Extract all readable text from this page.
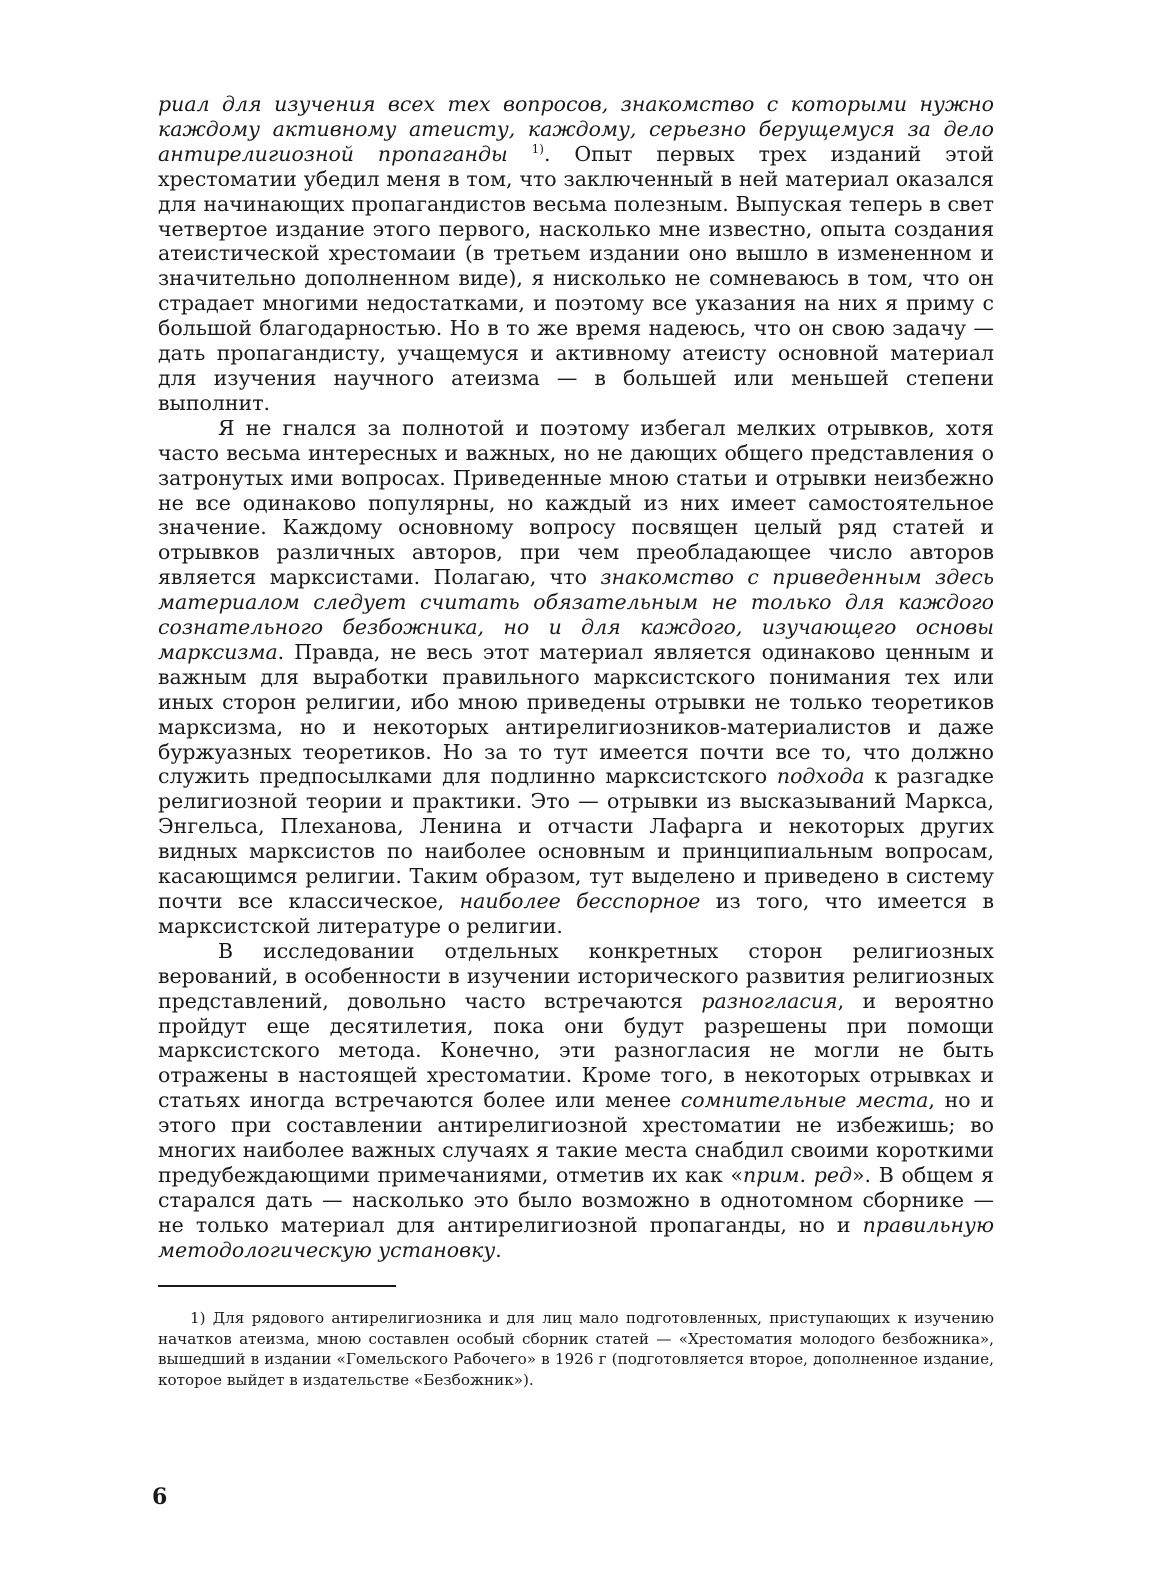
риал для изучения всех тех вопросов, знакомство с которыми нужно каждому активному атеисту, каждому, серьезно берущемуся за дело антирелигиозной пропаганды $^{1)}$. Опыт первых трех изданий этой хрестоматии убедил меня в том, что заключенный в ней материал оказался для начинающих пропагандистов весьма полезным. Выпуская теперь в свет четвертое издание этого первого, насколько мне известно, опыта создания атеистической хрестомаии (в третьем издании оно вышло в измененном и значительно дополненном виде), я нисколько не сомневаюсь в том, что он страдает многими недостатками, и поэтому все указания на них я приму с большой благодарностью. Но в то же время надеюсь, что он свою задачу — дать пропагандисту, учащемуся и активному атеисту основной материал для изучения научного атеизма — в большей или меньшей степени выполнит.

Я не гнался за полнотой и поэтому избегал мелких отрывков, хотя часто весьма интересных и важных, но не дающих общего представления о затронутых ими вопросах. Приведенные мною статьи и отрывки неизбежно не все одинаково популярны, но каждый из них имеет самостоятельное значение. Каждому основному вопросу посвящен целый ряд статей и отрывков различных авторов, при чем преобладающее число авторов является марксистами. Полагаю, что знакомство с приведенным здесь материалом следует считать обязательным не только для каждого сознательного безбожника, но и для каждого, изучающего основы марксизма. Правда, не весь этот материал является одинаково ценным и важным для выработки правильного марксистского понимания тех или иных сторон религии, ибо мною приведены отрывки не только теоретиков марксизма, но и некоторых антирелигиозников-материалистов и даже буржуазных теоретиков. Но за то тут имеется почти все то, что должно служить предпосылками для подлинно марксистского подхода к разгадке религиозной теории и практики. Это — отрывки из высказываний Маркса, Энгельса, Плеханова, Ленина и отчасти Лафарга и некоторых других видных марксистов по наиболее основным и принципиальным вопросам, касающимся религии. Таким образом, тут выделено и приведено в систему почти все классическое, наиболее бесспорное из того, что имеется в марксистской литературе о религии.

В исследовании отдельных конкретных сторон религиозных верований, в особенности в изучении исторического развития религиозных представлений, довольно часто встречаются разногласия, и вероятно пройдут еще десятилетия, пока они будут разрешены при помощи марксистского метода. Конечно, эти разногласия не могли не быть отражены в настоящей хрестоматии. Кроме того, в некоторых отрывках и статьях иногда встречаются более или менее сомнительные места, но и этого при составлении антирелигиозной хрестоматии не избежишь; во многих наиболее важных случаях я такие места снабдил своими короткими предубеждающими примечаниями, отметив их как «прим. ред». В общем я старался дать — насколько это было возможно в однотомном сборнике — не только материал для антирелигиозной пропаганды, но и правильную методологическую установку.

1) Для рядового антирелигиозника и для лиц мало подготовленных, приступающих к изучению начатков атеизма, мною составлен особый сборник статей — «Хрестоматия молодого безбожника», вышедший в издании «Гомельского Рабочего» в 1926 г (подготовляется второе, дополненное издание, которое выйдет в издательстве «Безбожник»).

6
